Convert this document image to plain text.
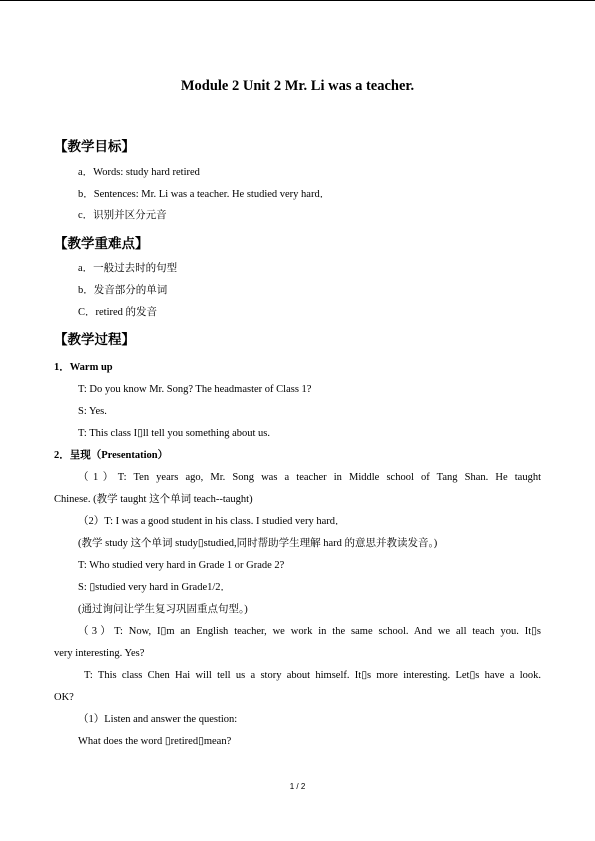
Module 2 Unit 2 Mr. Li was a teacher.
【教学目标】
a．Words: study hard retired
b．Sentences: Mr. Li was a teacher. He studied very hard．
c．识别并区分元音
【教学重难点】
a．一般过去时的句型
b．发音部分的单词
C．retired 的发音
【教学过程】
1．Warm up
T: Do you know Mr. Song? The headmaster of Class 1?
S: Yes.
T: This class I▯ll tell you something about us.
2．呈现（Presentation）
（1）T: Ten years ago, Mr. Song was a teacher in Middle school of Tang Shan. He taught
Chinese. (教学 taught 这个单词 teach--taught)
（2）T: I was a good student in his class. I studied very hard．
(教学 study 这个单词 study▯studied,同时帮助学生理解 hard 的意思并教读发音。)
T: Who studied very hard in Grade 1 or Grade 2?
S: ▯studied very hard in Grade1/2．
(通过询问让学生复习巩固重点句型。)
（3）T: Now, I▯m an English teacher, we work in the same school. And we all teach you. It▯s
very interesting. Yes?
T: This class Chen Hai will tell us a story about himself. It▯s more interesting. Let▯s have a look.
OK?
（1）Listen and answer the question:
What does the word ▯retired▯mean?
1 / 2
